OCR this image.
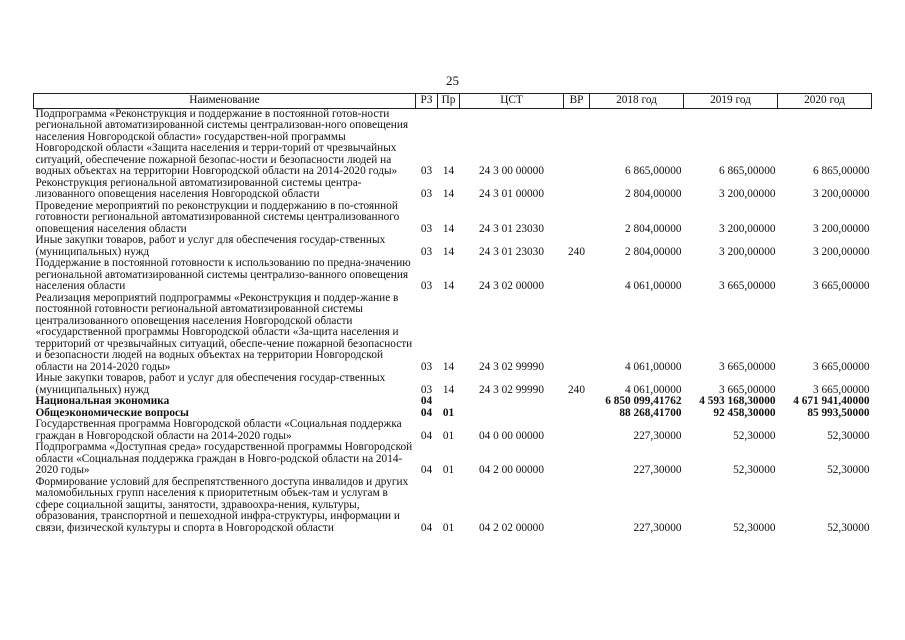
25
Наименование	РЗ	Пр	ЦСТ	ВР	2018 год	2019 год	2020 год
Подпрограмма «Реконструкция и поддержание в постоянной готов-ности региональной автоматизированной системы централизован-ного оповещения населения Новгородской области» государствен-ной программы Новгородской области «Защита населения и терри-торий от чрезвычайных ситуаций, обеспечение пожарной безопас-ности и безопасности людей на водных объектах на территории Новгородской области на 2014-2020 годы»	03	14	24 3 00 00000		6 865,00000	6 865,00000	6 865,00000
Реконструкция региональной автоматизированной системы центра-лизованного оповещения населения Новгородской области	03	14	24 3 01 00000		2 804,00000	3 200,00000	3 200,00000
Проведение мероприятий по реконструкции и поддержанию в по-стоянной готовности региональной автоматизированной системы централизованного оповещения населения области	03	14	24 3 01 23030		2 804,00000	3 200,00000	3 200,00000
Иные закупки товаров, работ и услуг для обеспечения государ-ственных (муниципальных) нужд	03	14	24 3 01 23030	240	2 804,00000	3 200,00000	3 200,00000
Поддержание в постоянной готовности к использованию по предна-значению региональной автоматизированной системы централизо-ванного оповещения населения области	03	14	24 3 02 00000		4 061,00000	3 665,00000	3 665,00000
Реализация мероприятий подпрограммы «Реконструкция и поддер-жание в постоянной готовности региональной автоматизированной системы централизованного оповещения населения Новгородской области «государственной программы Новгородской области «За-щита населения и территорий от чрезвычайных ситуаций, обеспе-чение пожарной безопасности и безопасности людей на водных объектах на территории Новгородской области на 2014-2020 годы»	03	14	24 3 02 99990		4 061,00000	3 665,00000	3 665,00000
Иные закупки товаров, работ и услуг для обеспечения государ-ственных (муниципальных) нужд	03	14	24 3 02 99990	240	4 061,00000	3 665,00000	3 665,00000
Национальная экономика	04				6 850 099,41762	4 593 168,30000	4 671 941,40000
Общеэкономические вопросы	04	01			88 268,41700	92 458,30000	85 993,50000
Государственная программа Новгородской области «Социальная поддержка граждан в Новгородской области на 2014-2020 годы»	04	01	04 0 00 00000		227,30000	52,30000	52,30000
Подпрограмма «Доступная среда» государственной программы Новгородской области «Социальная поддержка граждан в Новго-родской области на 2014-2020 годы»	04	01	04 2 00 00000		227,30000	52,30000	52,30000
Формирование условий для беспрепятственного доступа инвалидов и других маломобильных групп населения к приоритетным объек-там и услугам в сфере социальной защиты, занятости, здравоохра-нения, культуры, образования, транспортной и пешеходной инфра-структуры, информации и связи, физической культуры и спорта в Новгородской области	04	01	04 2 02 00000		227,30000	52,30000	52,30000
